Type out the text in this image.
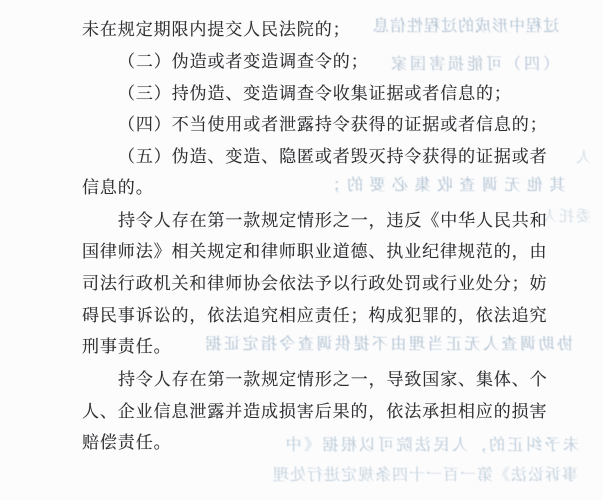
过程中形成的过程性信息
（四）可能损害国家
人
其他无调查收集必要的；
委托人
协助调查人无正当理由不提供调查令指定证据
未予纠正的，人民法院可以根据《中
事诉讼法》第一百一十四条规定进行处理
未在规定期限内提交人民法院的；
（二）伪造或者变造调查令的；
（三）持伪造、变造调查令收集证据或者信息的；
（四）不当使用或者泄露持令获得的证据或者信息的；
（五）伪造、变造、隐匿或者毁灭持令获得的证据或者
信息的。
持令人存在第一款规定情形之一，违反《中华人民共和
国律师法》相关规定和律师职业道德、执业纪律规范的，由
司法行政机关和律师协会依法予以行政处罚或行业处分；妨
碍民事诉讼的，依法追究相应责任；构成犯罪的，依法追究
刑事责任。
持令人存在第一款规定情形之一，导致国家、集体、个
人、企业信息泄露并造成损害后果的，依法承担相应的损害
赔偿责任。
